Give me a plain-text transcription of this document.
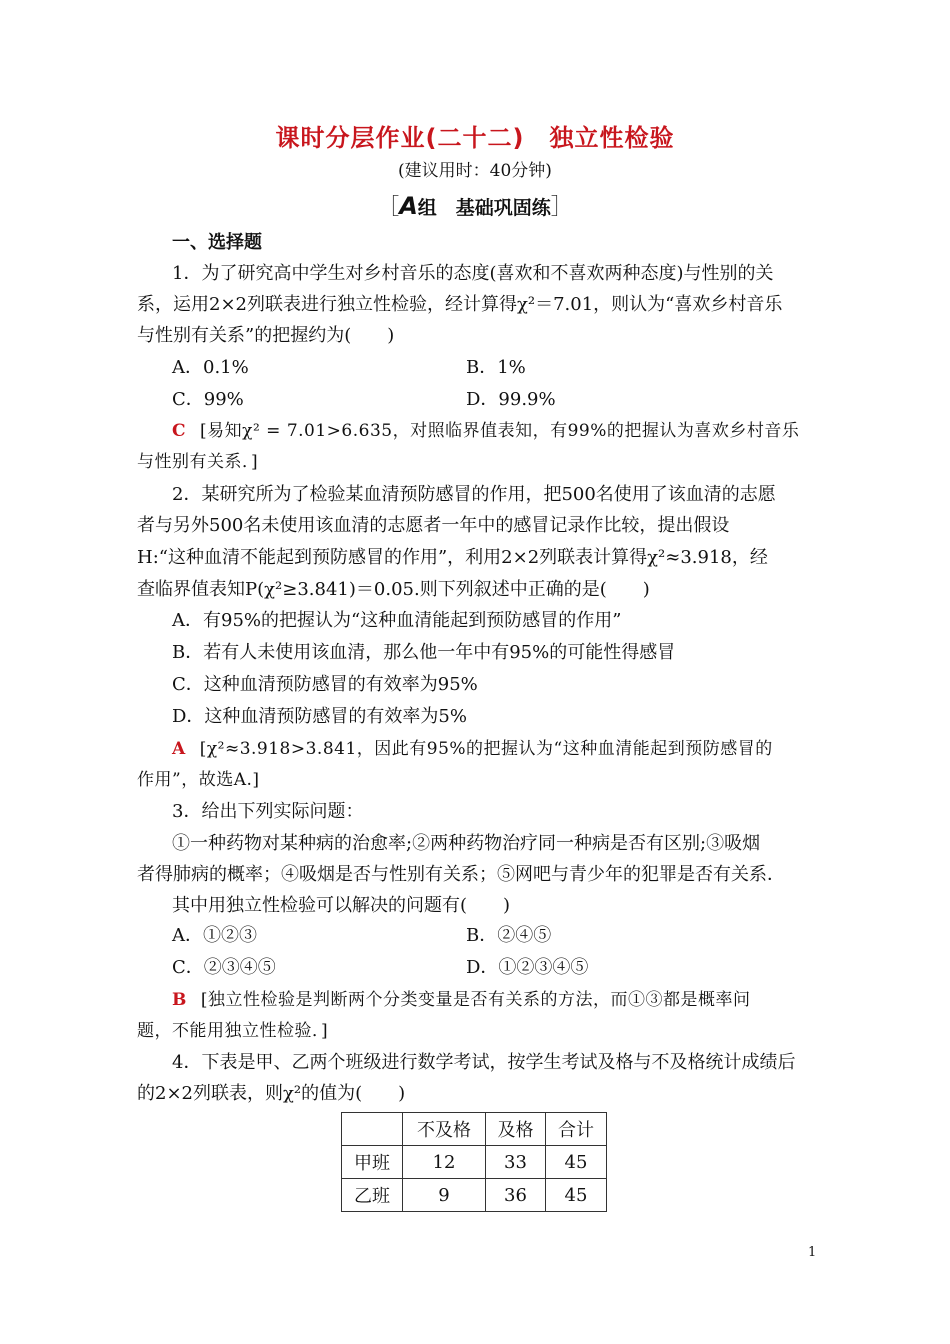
课时分层作业(二十二)　独立性检验
(建议用时：40分钟)
［A组　基础巩固练］
一、选择题
1．为了研究高中学生对乡村音乐的态度(喜欢和不喜欢两种态度)与性别的关
系，运用2×2列联表进行独立性检验，经计算得χ²＝7.01，则认为“喜欢乡村音乐
与性别有关系”的把握约为(　　)
A．0.1%	B．1%
C．99%	D．99.9%
C [易知χ² = 7.01>6.635，对照临界值表知，有99%的把握认为喜欢乡村音乐
与性别有关系．]
2．某研究所为了检验某血清预防感冒的作用，把500名使用了该血清的志愿
者与另外500名未使用该血清的志愿者一年中的感冒记录作比较，提出假设
H:“这种血清不能起到预防感冒的作用”，利用2×2列联表计算得χ²≈3.918，经
查临界值表知P(χ²≥3.841)＝0.05.则下列叙述中正确的是(　　)
A．有95%的把握认为“这种血清能起到预防感冒的作用”
B．若有人未使用该血清，那么他一年中有95%的可能性得感冒
C．这种血清预防感冒的有效率为95%
D．这种血清预防感冒的有效率为5%
A [χ²≈3.918>3.841，因此有95%的把握认为“这种血清能起到预防感冒的
作用”，故选A.]
3．给出下列实际问题：
①一种药物对某种病的治愈率;②两种药物治疗同一种病是否有区别;③吸烟
者得肺病的概率；④吸烟是否与性别有关系；⑤网吧与青少年的犯罪是否有关系．
其中用独立性检验可以解决的问题有(　　)
A．①②③	B．②④⑤
C．②③④⑤	D．①②③④⑤
B [独立性检验是判断两个分类变量是否有关系的方法，而①③都是概率问
题，不能用独立性检验．]
4．下表是甲、乙两个班级进行数学考试，按学生考试及格与不及格统计成绩后
的2×2列联表，则χ²的值为(　　)
	不及格	及格	合计
甲班	12	33	45
乙班	9	36	45
1
